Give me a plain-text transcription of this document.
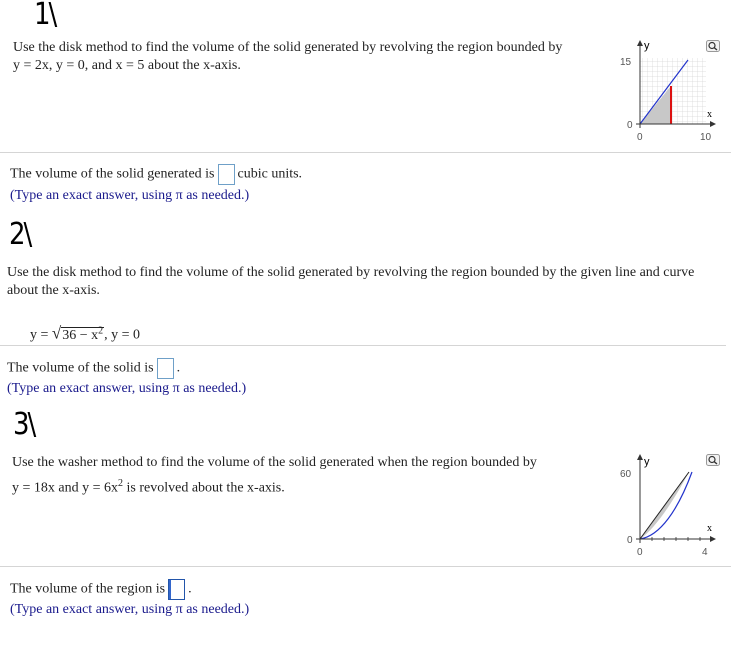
1\
Use the disk method to find the volume of the solid generated by revolving the region bounded by
y = 2x, y = 0, and x = 5 about the x-axis.
y
x
15
0
0	10
The volume of the solid generated is cubic units.
(Type an exact answer, using π as needed.)
2\
Use the disk method to find the volume of the solid generated by revolving the region bounded by the given line and curve
about the x-axis.
$y = √36 - x^2$, y = 0
The volume of the solid is .
(Type an exact answer, using π as needed.)
3\
Use the washer method to find the volume of the solid generated when the region bounded by
y = 18x and $y = 6x^2$ is revolved about the x-axis.
y
x
60
0
0	4
The volume of the region is .
(Type an exact answer, using π as needed.)
